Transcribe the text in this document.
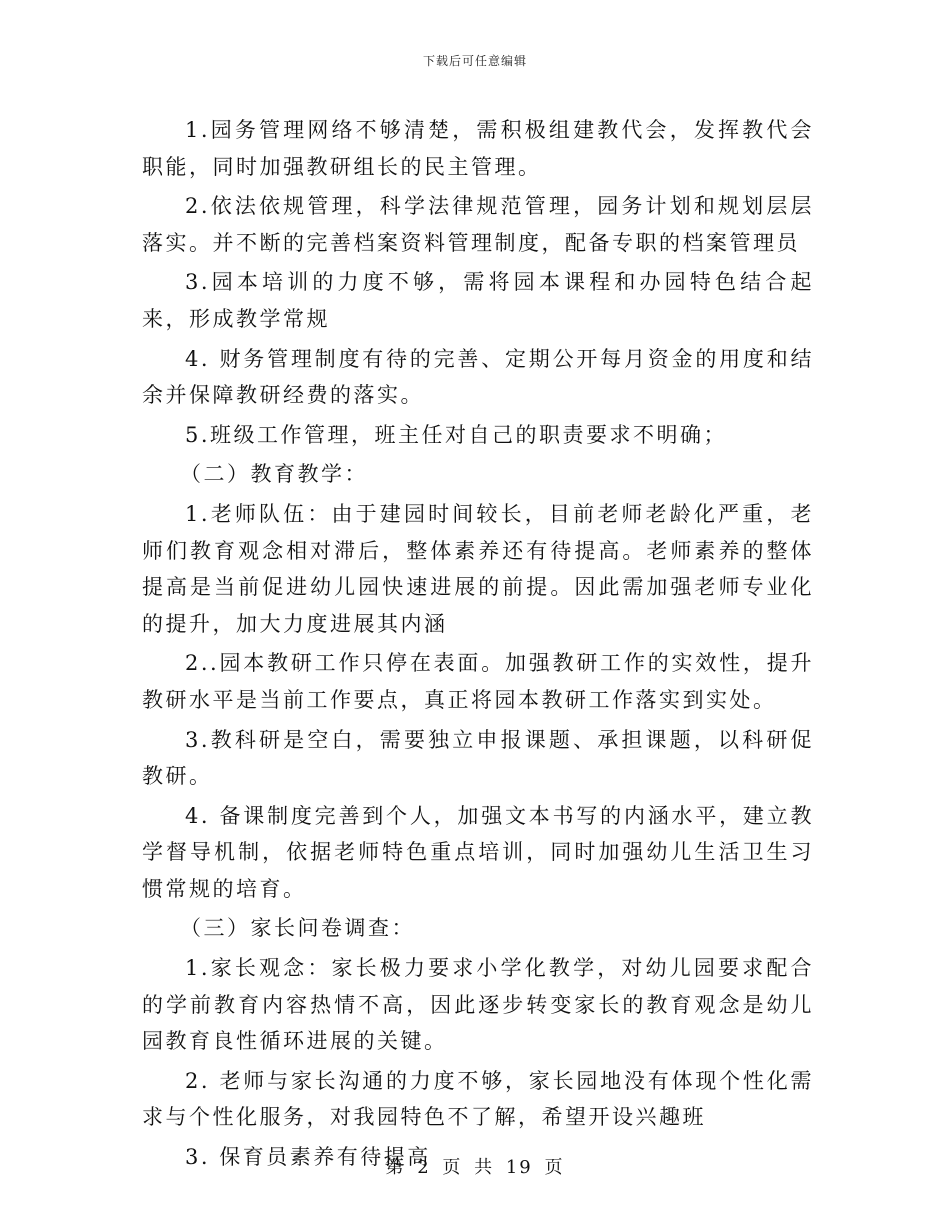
下载后可任意编辑

1.园务管理网络不够清楚，需积极组建教代会，发挥教代会职能，同时加强教研组长的民主管理。

2.依法依规管理，科学法律规范管理，园务计划和规划层层落实。并不断的完善档案资料管理制度，配备专职的档案管理员

3.园本培训的力度不够，需将园本课程和办园特色结合起来，形成教学常规

4. 财务管理制度有待的完善、定期公开每月资金的用度和结余并保障教研经费的落实。

5.班级工作管理，班主任对自己的职责要求不明确；

（二）教育教学：

1.老师队伍：由于建园时间较长，目前老师老龄化严重，老师们教育观念相对滞后，整体素养还有待提高。老师素养的整体提高是当前促进幼儿园快速进展的前提。因此需加强老师专业化的提升，加大力度进展其内涵

2..园本教研工作只停在表面。加强教研工作的实效性，提升教研水平是当前工作要点，真正将园本教研工作落实到实处。

3.教科研是空白，需要独立申报课题、承担课题，以科研促教研。

4. 备课制度完善到个人，加强文本书写的内涵水平，建立教学督导机制，依据老师特色重点培训，同时加强幼儿生活卫生习惯常规的培育。

（三）家长问卷调查：

1.家长观念：家长极力要求小学化教学，对幼儿园要求配合的学前教育内容热情不高，因此逐步转变家长的教育观念是幼儿园教育良性循环进展的关键。

2. 老师与家长沟通的力度不够，家长园地没有体现个性化需求与个性化服务，对我园特色不了解，希望开设兴趣班

3. 保育员素养有待提高

第 2 页 共 19 页
